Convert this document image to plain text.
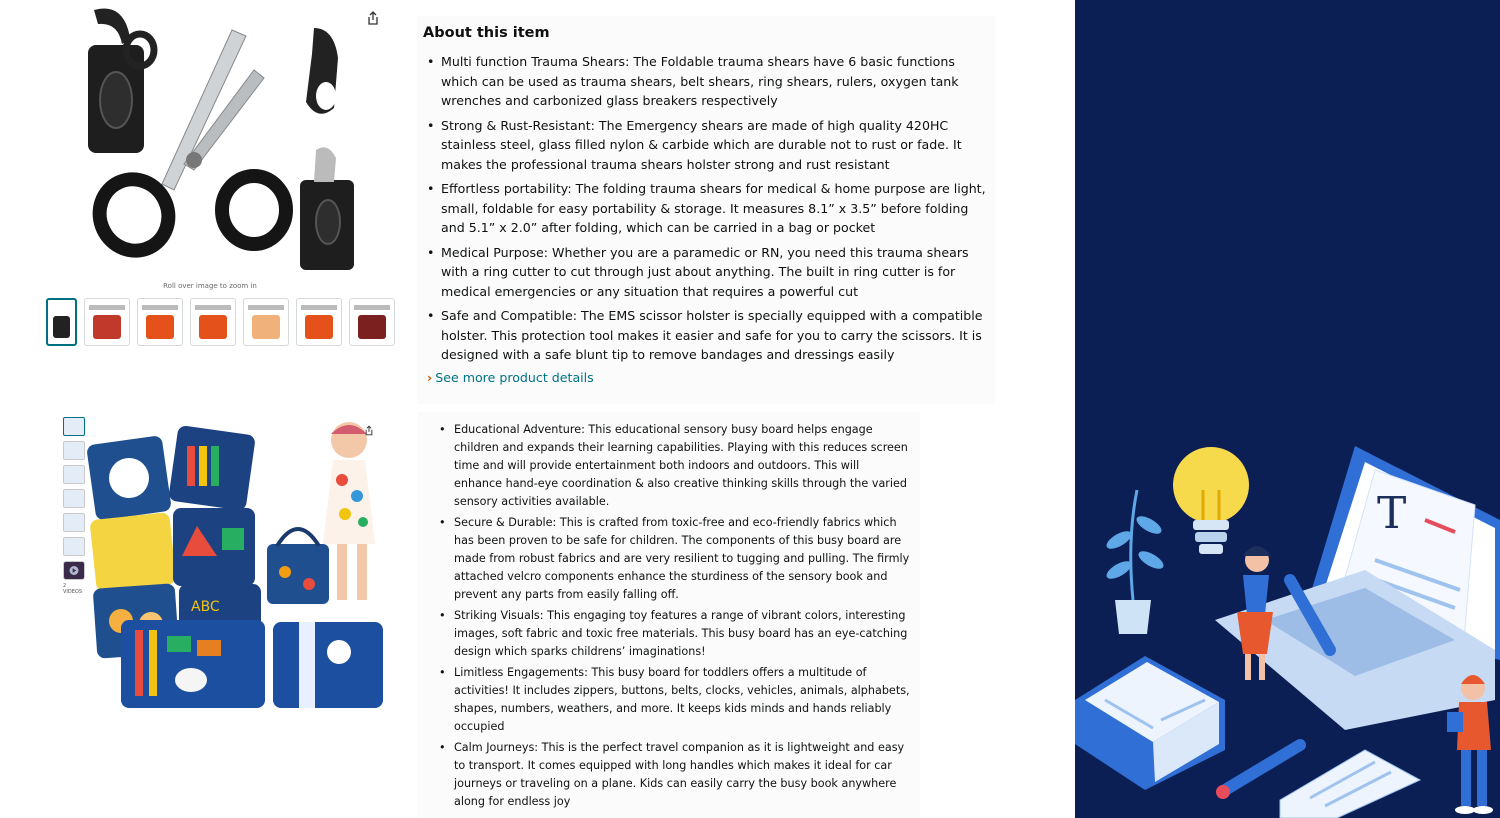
Roll over image to zoom in
About this item
• Multi function Trauma Shears: The Foldable trauma shears have 6 basic functions which can be used as trauma shears, belt shears, ring shears, rulers, oxygen tank wrenches and carbonized glass breakers respectively
• Strong & Rust-Resistant: The Emergency shears are made of high quality 420HC stainless steel, glass filled nylon & carbide which are durable not to rust or fade. It makes the professional trauma shears holster strong and rust resistant
• Effortless portability: The folding trauma shears for medical & home purpose are light, small, foldable for easy portability & storage. It measures 8.1” x 3.5” before folding and 5.1” x 2.0” after folding, which can be carried in a bag or pocket
• Medical Purpose: Whether you are a paramedic or RN, you need this trauma shears with a ring cutter to cut through just about anything. The built in ring cutter is for medical emergencies or any situation that requires a powerful cut
• Safe and Compatible: The EMS scissor holster is specially equipped with a compatible holster. This protection tool makes it easier and safe for you to carry the scissors. It is designed with a safe blunt tip to remove bandages and dressings easily
› See more product details
2 VIDEOS
ABC
• Educational Adventure: This educational sensory busy board helps engage children and expands their learning capabilities. Playing with this reduces screen time and will provide entertainment both indoors and outdoors. This will enhance hand-eye coordination & also creative thinking skills through the varied sensory activities available.
• Secure & Durable: This is crafted from toxic-free and eco-friendly fabrics which has been proven to be safe for children. The components of this busy board are made from robust fabrics and are very resilient to tugging and pulling. The firmly attached velcro components enhance the sturdiness of the sensory book and prevent any parts from easily falling off.
• Striking Visuals: This engaging toy features a range of vibrant colors, interesting images, soft fabric and toxic free materials. This busy board has an eye-catching design which sparks childrens’ imaginations!
• Limitless Engagements: This busy board for toddlers offers a multitude of activities! It includes zippers, buttons, belts, clocks, vehicles, animals, alphabets, shapes, numbers, weathers, and more. It keeps kids minds and hands reliably occupied
• Calm Journeys: This is the perfect travel companion as it is lightweight and easy to transport. It comes equipped with long handles which makes it ideal for car journeys or traveling on a plane. Kids can easily carry the busy book anywhere along for endless joy
T
